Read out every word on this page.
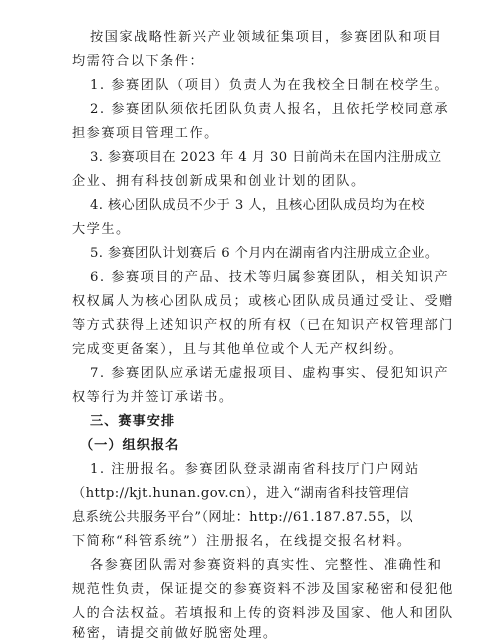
按国家战略性新兴产业领域征集项目，参赛团队和项目
均需符合以下条件：
1. 参赛团队（项目）负责人为在我校全日制在校学生。
2. 参赛团队须依托团队负责人报名，且依托学校同意承
担参赛项目管理工作。
3. 参赛项目在 2023 年 4 月 30 日前尚未在国内注册成立
企业、拥有科技创新成果和创业计划的团队。
4. 核心团队成员不少于 3 人，且核心团队成员均为在校
大学生。
5. 参赛团队计划赛后 6 个月内在湖南省内注册成立企业。
6. 参赛项目的产品、技术等归属参赛团队，相关知识产
权权属人为核心团队成员；或核心团队成员通过受让、受赠
等方式获得上述知识产权的所有权（已在知识产权管理部门
完成变更备案），且与其他单位或个人无产权纠纷。
7. 参赛团队应承诺无虚报项目、虚构事实、侵犯知识产
权等行为并签订承诺书。
三、赛事安排
（一）组织报名
1. 注册报名。参赛团队登录湖南省科技厅门户网站
（http://kjt.hunan.gov.cn），进入“湖南省科技管理信
息系统公共服务平台”（网址：http://61.187.87.55，以
下简称“科管系统”）注册报名，在线提交报名材料。
各参赛团队需对参赛资料的真实性、完整性、准确性和
规范性负责，保证提交的参赛资料不涉及国家秘密和侵犯他
人的合法权益。若填报和上传的资料涉及国家、他人和团队
秘密，请提交前做好脱密处理。
